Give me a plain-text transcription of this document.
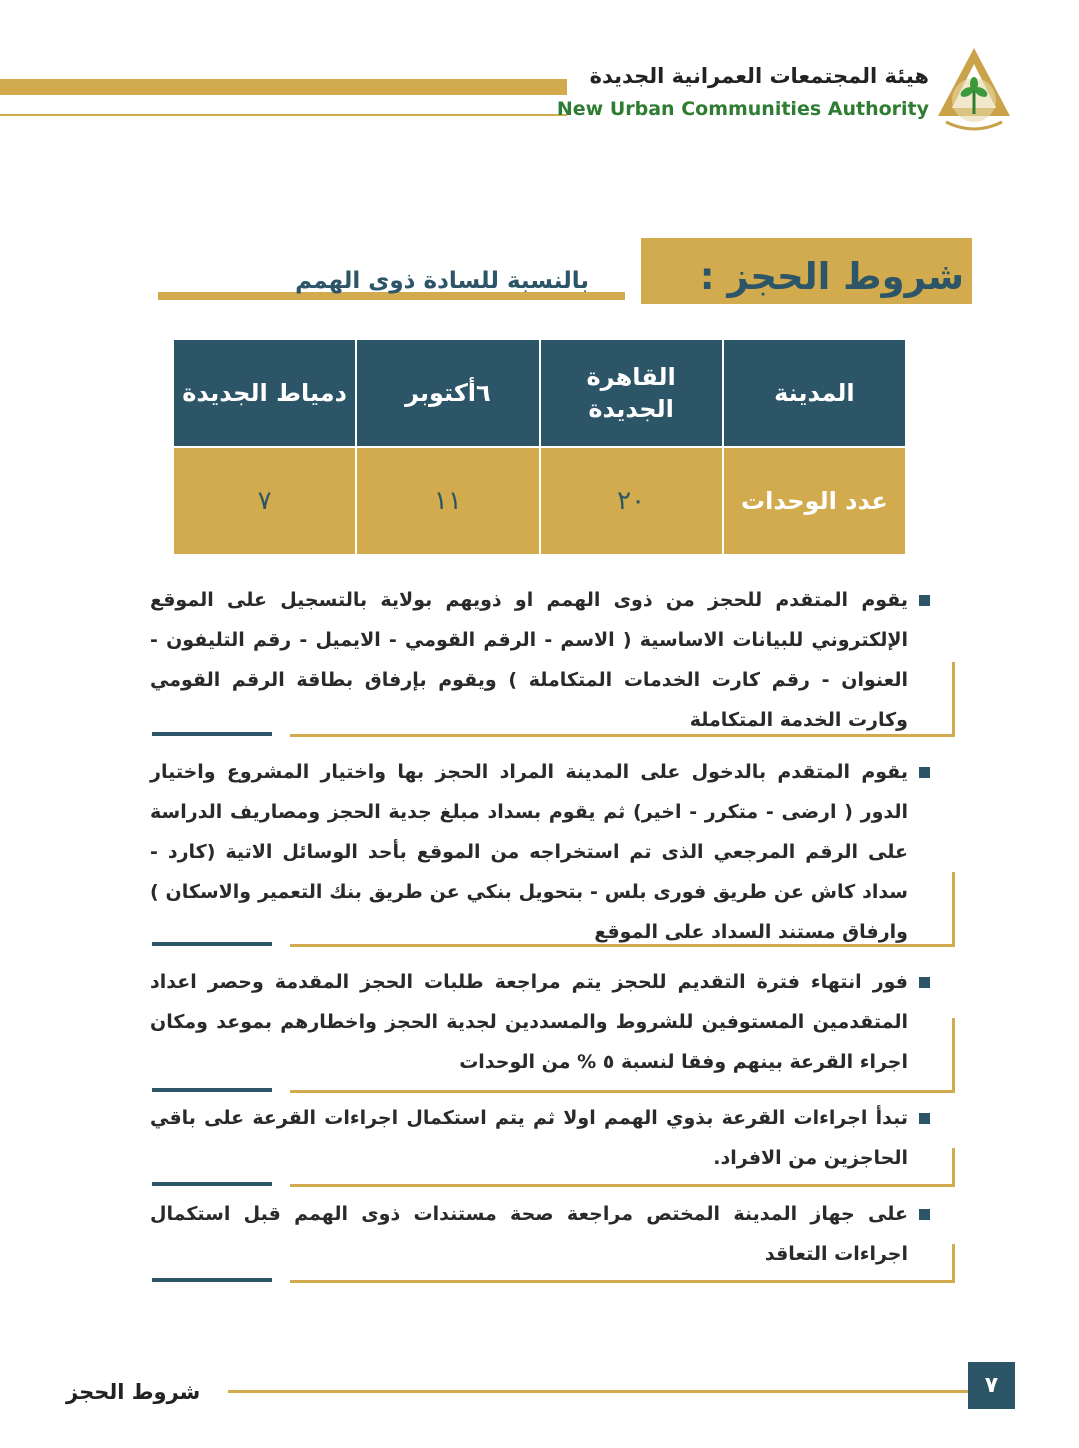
هيئة المجتمعات العمرانية الجديدة
New Urban Communities Authority
شروط الحجز :
بالنسبة للسادة ذوى الهمم
المدينة	القاهرة الجديدة	٦أكتوبر	دمياط الجديدة
عدد الوحدات	٢٠	١١	٧
يقوم المتقدم للحجز من ذوى الهمم او ذويهم بولاية بالتسجيل على الموقع الإلكتروني للبيانات الاساسية ( الاسم - الرقم القومي - الايميل - رقم التليفون - العنوان - رقم كارت الخدمات المتكاملة ) ويقوم بإرفاق بطاقة الرقم القومي وكارت الخدمة المتكاملة
يقوم المتقدم بالدخول على المدينة المراد الحجز بها واختيار المشروع واختيار الدور ( ارضى - متكرر - اخير) ثم يقوم بسداد مبلغ جدية الحجز ومصاريف الدراسة على الرقم المرجعي الذى تم استخراجه من الموقع بأحد الوسائل الاتية (كارد - سداد كاش عن طريق فورى بلس - بتحويل بنكي عن طريق بنك التعمير والاسكان ) وارفاق مستند السداد على الموقع
فور انتهاء فترة التقديم للحجز يتم مراجعة طلبات الحجز المقدمة وحصر اعداد المتقدمين المستوفين للشروط والمسددين لجدية الحجز واخطارهم بموعد ومكان اجراء القرعة بينهم وفقا لنسبة ٥ % من الوحدات
تبدأ اجراءات القرعة بذوي الهمم اولا ثم يتم استكمال اجراءات القرعة على باقي الحاجزين من الافراد.
على جهاز المدينة المختص مراجعة صحة مستندات ذوى الهمم قبل استكمال اجراءات التعاقد
٧
شروط الحجز
